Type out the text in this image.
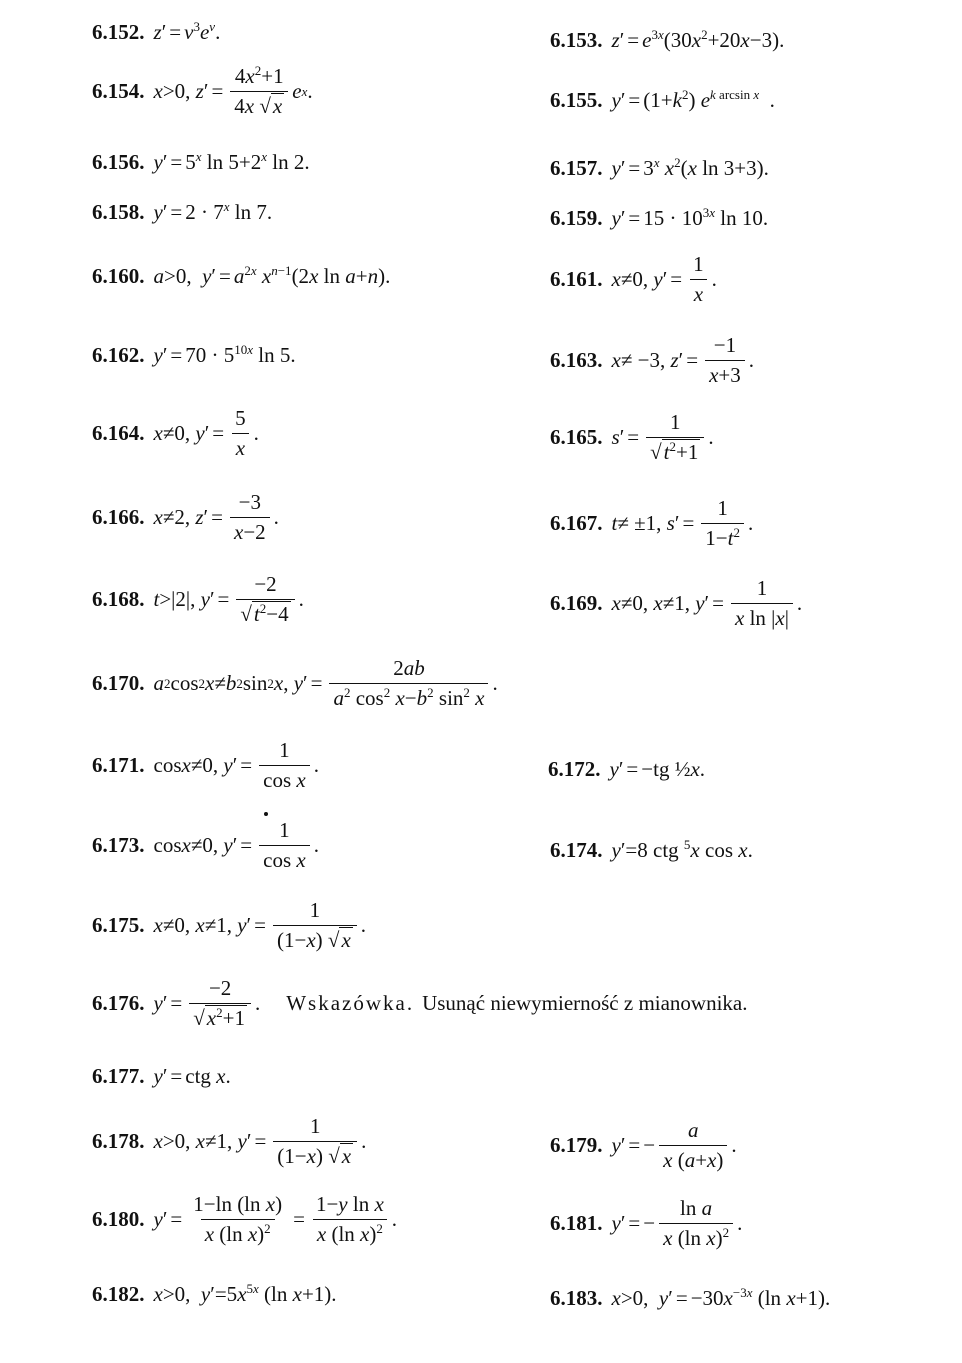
6.152. $z' = v^3e^v$.	6.153. $z' = e^{3x}(30x^2+20x-3)$.
6.154. x >0, z ′ = $\frac{4x^2+1}{4x √x}$ e x .	6.155. $y' = (1+k^2)$ $e^{k arcsin x}$  .
6.156. $y' = 5^x$ $\ln 5+2^x$ ln 2.	6.157. $y' = 3^x$ $x^2(x$ ln 3+3).
6.158. $y' = 2 \cdot 7^x$ ln 7.	6.159. $y' = 15 \cdot 10^{3x}$ ln 10.
6.160. a>0,  $y' = a^{2x}$ $x^{n-1}(2x$ ln a+n).	6.161. x ≠0, y ′ = $\frac{1}{x}$ .
6.162. $y' = 70 \cdot 5^{10x}$ ln 5.	6.163. x ≠ −3, z ′ = $\frac{-1}{x+3}$ .
6.164. x ≠0, y ′ = $\frac{5}{x}$ .	6.165. s ′ = $\frac{1}{√t^2+1}$ .
6.166. x ≠2, z ′ = $\frac{-3}{x-2}$ .	6.167. t ≠ ±1, s ′ = $\frac{1}{1-t^2}$ .
6.168. t >|2|, y ′ = $\frac{-2}{√t^2-4}$ .	6.169. x ≠0, x ≠1, y ′ = $\frac{1}{\text{x ln |x|}}$ .
6.170. a 2 cos 2 x ≠ b 2 sin 2 x , y ′ = $\frac{2ab}{a^2 \cos^2 x-b^2 \sin^2 x}$ .
6.171. cos x ≠0, y ′ = $\frac{1}{\text{cos x}}$ .	6.172. y′ = −tg ½x.
6.173. cos x ≠0, y ′ = $\frac{1}{\text{cos x}}$ .	6.174. y′=8 ctg $^5$x cos x.
6.175. x ≠0, x ≠1, y ′ = $\frac{1}{(1-x) √x}$ .
6.176. y ′ = $\frac{-2}{√x^2+1}$ . Wskazówka. Usunąć niewymierność z mianownika.
6.177. y′ = ctg x.
6.178. x >0, x ≠1, y ′ = $\frac{1}{(1-x) √x}$ .	6.179. y ′ = − $\frac{a}{x (a+x)}$ .
6.180. y ′ = $\frac{\text{1−ln (ln x)}}{x (\ln x)^2} = \frac{\text{1−y ln x}}{x (\ln x)^2}$ .	6.181. y ′ = − $\frac{\text{ln a}}{x (\ln x)^2}$ .
6.182. x>0,  $y'=5x^{5x}$ (ln x+1).	6.183. x>0,  $y' = -30x^{-3x}$ (ln x+1).
